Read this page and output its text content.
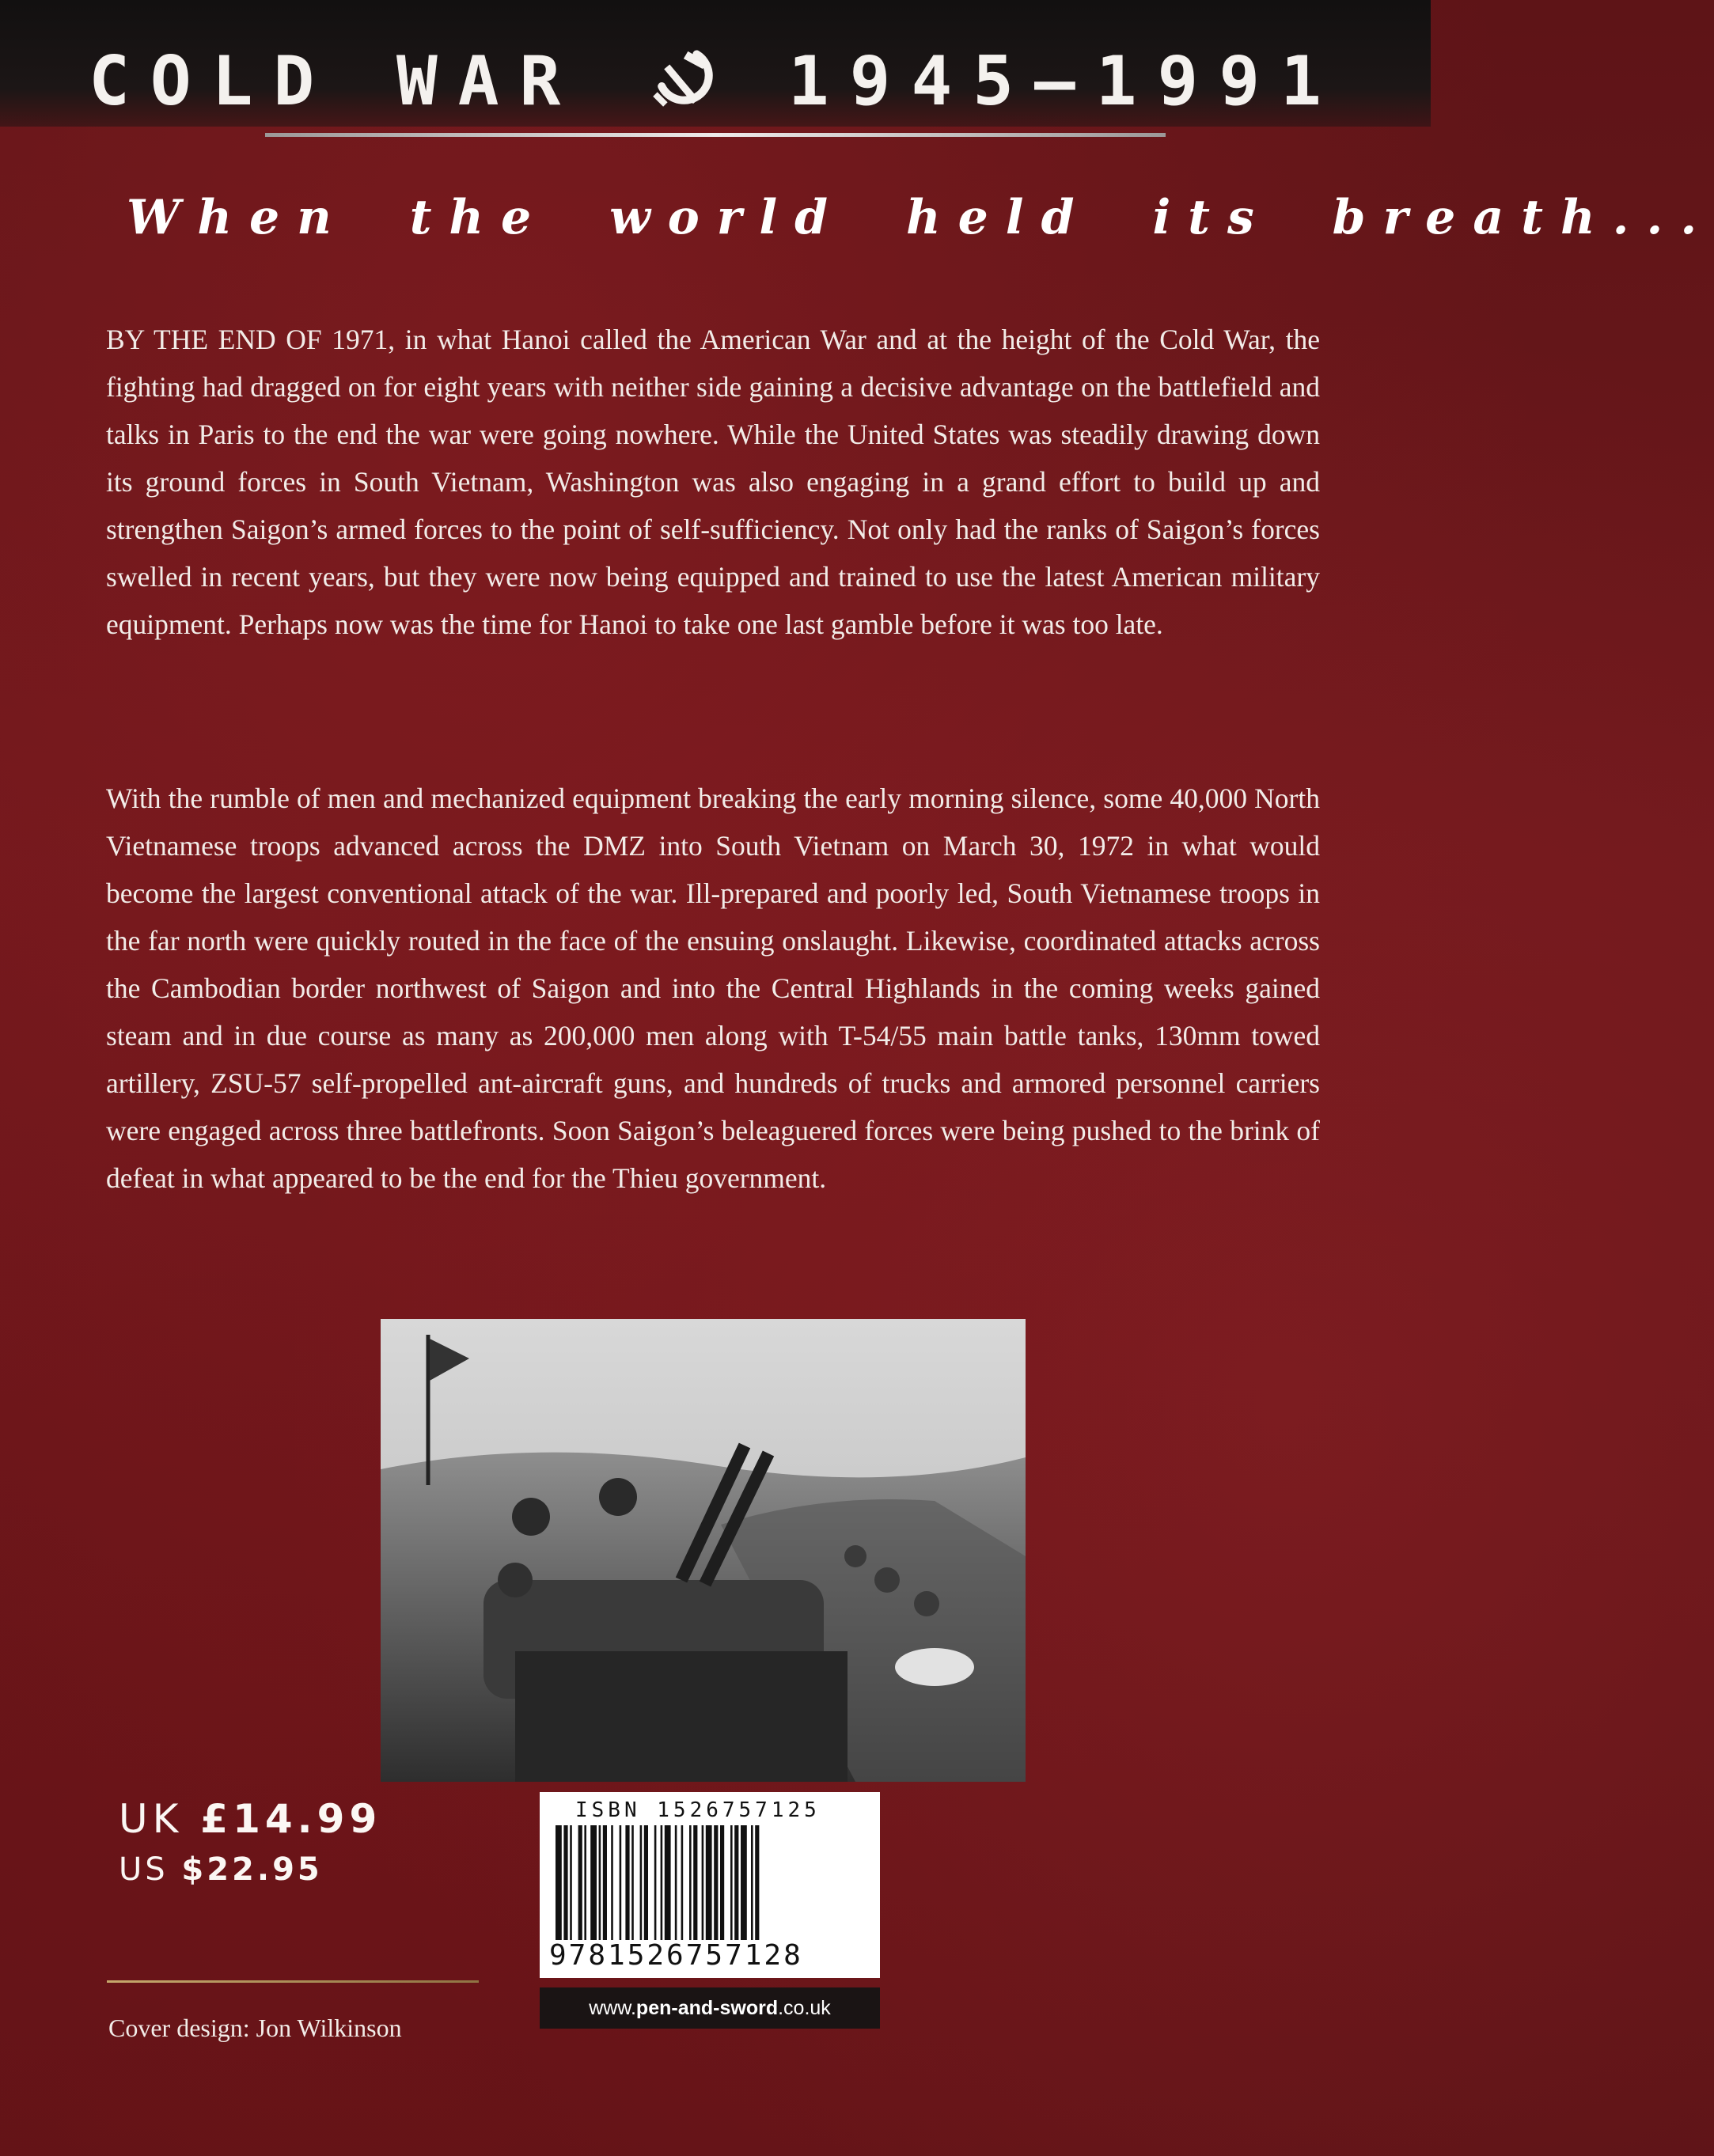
COLD WAR	1945–1991
When the world held its breath...

BY THE END OF 1971, in what Hanoi called the American War and at the height of the Cold War, the fighting had dragged on for eight years with neither side gaining a decisive advantage on the battlefield and talks in Paris to the end the war were going nowhere. While the United States was steadily drawing down its ground forces in South Vietnam, Washington was also engaging in a grand effort to build up and strengthen Saigon’s armed forces to the point of self-sufficiency. Not only had the ranks of Saigon’s forces swelled in recent years, but they were now being equipped and trained to use the latest American military equipment. Perhaps now was the time for Hanoi to take one last gamble before it was too late.

With the rumble of men and mechanized equipment breaking the early morning silence, some 40,000 North Vietnamese troops advanced across the DMZ into South Vietnam on March 30, 1972 in what would become the largest conventional attack of the war. Ill-prepared and poorly led, South Vietnamese troops in the far north were quickly routed in the face of the ensuing onslaught. Likewise, coordinated attacks across the Cambodian border northwest of Saigon and into the Central Highlands in the coming weeks gained steam and in due course as many as 200,000 men along with T-54/55 main battle tanks, 130mm towed artillery, ZSU-57 self-propelled ant-aircraft guns, and hundreds of trucks and armored personnel carriers were engaged across three battlefronts. Soon Saigon’s beleaguered forces were being pushed to the brink of defeat in what appeared to be the end for the Thieu government.

ISBN 1526757125
9781526757128
www.pen-and-sword.co.uk
UK £14.99
US $22.95
Cover design: Jon Wilkinson
